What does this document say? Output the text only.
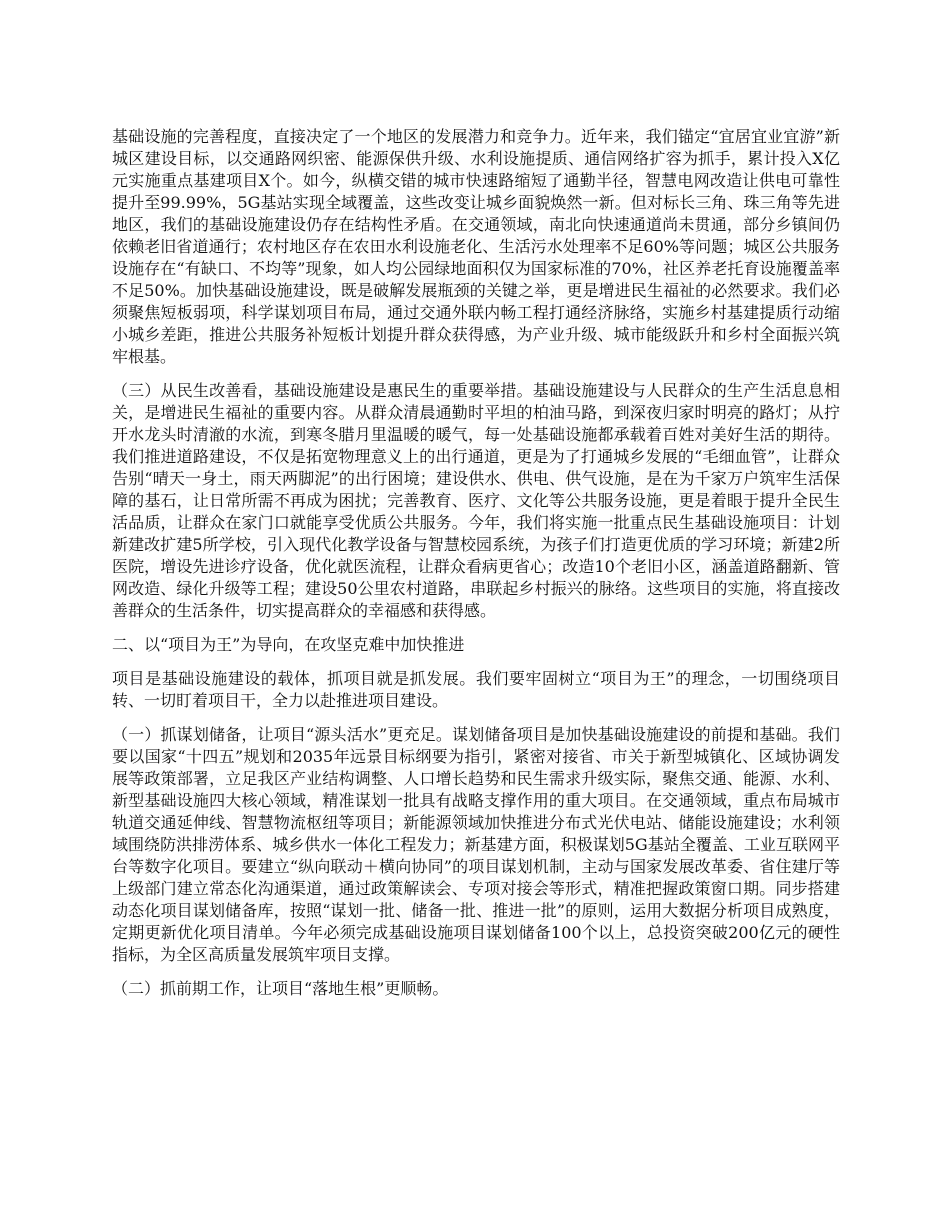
基础设施的完善程度，直接决定了一个地区的发展潜力和竞争力。近年来，我们锚定“宜居宜业宜游”新城区建设目标，以交通路网织密、能源保供升级、水利设施提质、通信网络扩容为抓手，累计投入X亿元实施重点基建项目X个。如今，纵横交错的城市快速路缩短了通勤半径，智慧电网改造让供电可靠性提升至99.99%，5G基站实现全域覆盖，这些改变让城乡面貌焕然一新。但对标长三角、珠三角等先进地区，我们的基础设施建设仍存在结构性矛盾。在交通领域，南北向快速通道尚未贯通，部分乡镇间仍依赖老旧省道通行；农村地区存在农田水利设施老化、生活污水处理率不足60%等问题；城区公共服务设施存在“有缺口、不均等”现象，如人均公园绿地面积仅为国家标准的70%，社区养老托育设施覆盖率不足50%。加快基础设施建设，既是破解发展瓶颈的关键之举，更是增进民生福祉的必然要求。我们必须聚焦短板弱项，科学谋划项目布局，通过交通外联内畅工程打通经济脉络，实施乡村基建提质行动缩小城乡差距，推进公共服务补短板计划提升群众获得感，为产业升级、城市能级跃升和乡村全面振兴筑牢根基。

（三）从民生改善看，基础设施建设是惠民生的重要举措。基础设施建设与人民群众的生产生活息息相关，是增进民生福祉的重要内容。从群众清晨通勤时平坦的柏油马路，到深夜归家时明亮的路灯；从拧开水龙头时清澈的水流，到寒冬腊月里温暖的暖气，每一处基础设施都承载着百姓对美好生活的期待。我们推进道路建设，不仅是拓宽物理意义上的出行通道，更是为了打通城乡发展的“毛细血管”，让群众告别“晴天一身土，雨天两脚泥”的出行困境；建设供水、供电、供气设施，是在为千家万户筑牢生活保障的基石，让日常所需不再成为困扰；完善教育、医疗、文化等公共服务设施，更是着眼于提升全民生活品质，让群众在家门口就能享受优质公共服务。今年，我们将实施一批重点民生基础设施项目：计划新建改扩建5所学校，引入现代化教学设备与智慧校园系统，为孩子们打造更优质的学习环境；新建2所医院，增设先进诊疗设备，优化就医流程，让群众看病更省心；改造10个老旧小区，涵盖道路翻新、管网改造、绿化升级等工程；建设50公里农村道路，串联起乡村振兴的脉络。这些项目的实施，将直接改善群众的生活条件，切实提高群众的幸福感和获得感。

二、以“项目为王”为导向，在攻坚克难中加快推进

项目是基础设施建设的载体，抓项目就是抓发展。我们要牢固树立“项目为王”的理念，一切围绕项目转、一切盯着项目干，全力以赴推进项目建设。

（一）抓谋划储备，让项目“源头活水”更充足。谋划储备项目是加快基础设施建设的前提和基础。我们要以国家“十四五”规划和2035年远景目标纲要为指引，紧密对接省、市关于新型城镇化、区域协调发展等政策部署，立足我区产业结构调整、人口增长趋势和民生需求升级实际，聚焦交通、能源、水利、新型基础设施四大核心领域，精准谋划一批具有战略支撑作用的重大项目。在交通领域，重点布局城市轨道交通延伸线、智慧物流枢纽等项目；新能源领域加快推进分布式光伏电站、储能设施建设；水利领域围绕防洪排涝体系、城乡供水一体化工程发力；新基建方面，积极谋划5G基站全覆盖、工业互联网平台等数字化项目。要建立“纵向联动＋横向协同”的项目谋划机制，主动与国家发展改革委、省住建厅等上级部门建立常态化沟通渠道，通过政策解读会、专项对接会等形式，精准把握政策窗口期。同步搭建动态化项目谋划储备库，按照“谋划一批、储备一批、推进一批”的原则，运用大数据分析项目成熟度，定期更新优化项目清单。今年必须完成基础设施项目谋划储备100个以上，总投资突破200亿元的硬性指标，为全区高质量发展筑牢项目支撑。

（二）抓前期工作，让项目“落地生根”更顺畅。
